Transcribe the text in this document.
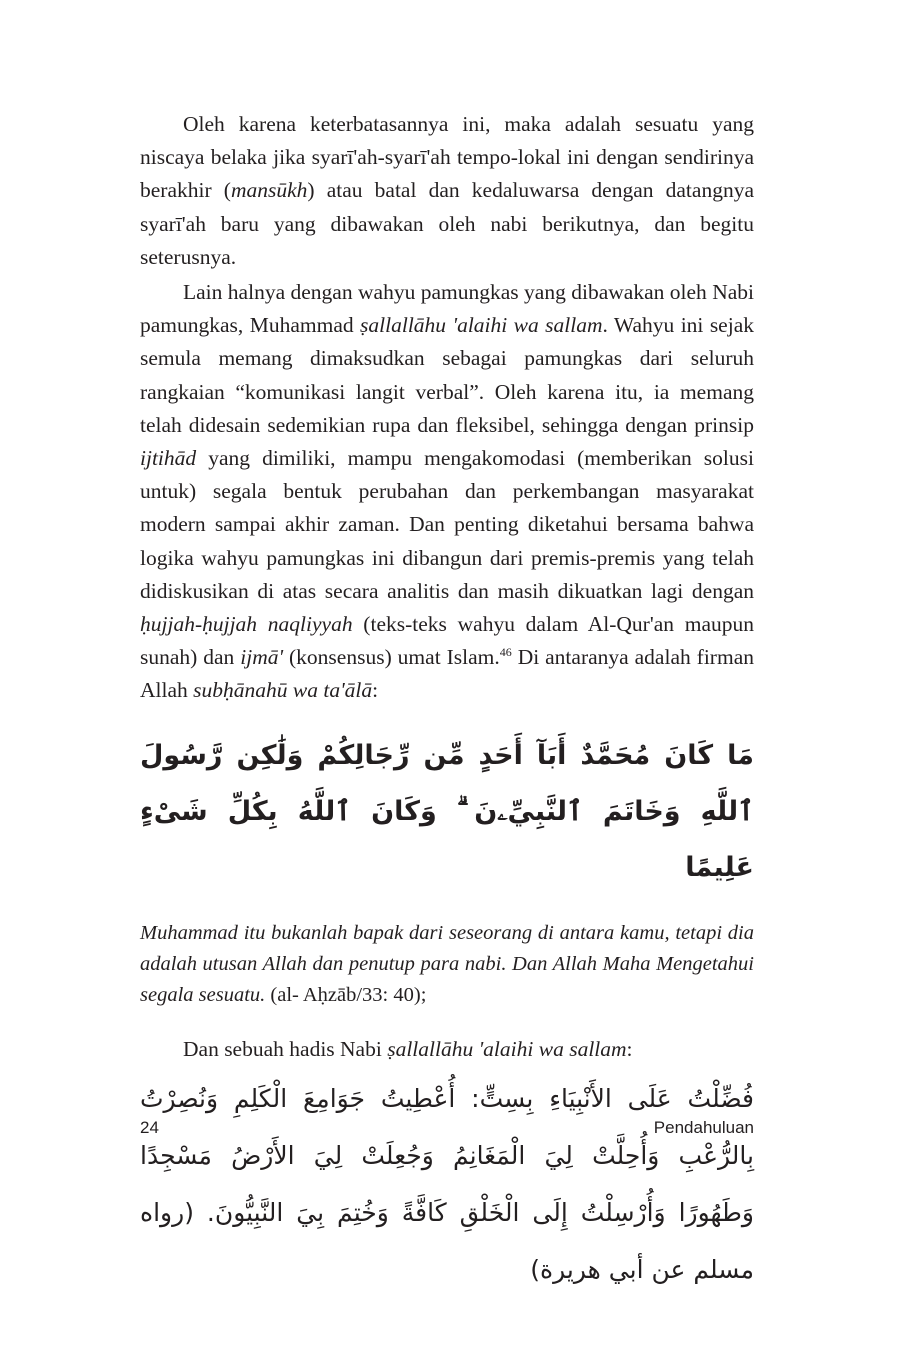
Oleh karena keterbatasannya ini, maka adalah sesuatu yang niscaya belaka jika syarī'ah-syarī'ah tempo-lokal ini dengan sendirinya berakhir (mansūkh) atau batal dan kedaluwarsa dengan datangnya syarī'ah baru yang dibawakan oleh nabi berikutnya, dan begitu seterusnya.

Lain halnya dengan wahyu pamungkas yang dibawakan oleh Nabi pamungkas, Muhammad ṣallallāhu 'alaihi wa sallam. Wahyu ini sejak semula memang dimaksudkan sebagai pamungkas dari seluruh rangkaian “komunikasi langit verbal”. Oleh karena itu, ia memang telah didesain sedemikian rupa dan fleksibel, sehingga dengan prinsip ijtihād yang dimiliki, mampu mengakomodasi (memberikan solusi untuk) segala bentuk perubahan dan perkembangan masyarakat modern sampai akhir zaman. Dan penting diketahui bersama bahwa logika wahyu pamungkas ini dibangun dari premis-premis yang telah didiskusikan di atas secara analitis dan masih dikuatkan lagi dengan ḥujjah-ḥujjah naqliyyah (teks-teks wahyu dalam Al-Qur'an maupun sunah) dan ijmā' (konsensus) umat Islam.$^{46}$ Di antaranya adalah firman Allah subḥānahū wa ta'ālā:

مَا كَانَ مُحَمَّدٌ أَبَآ أَحَدٍ مِّن رِّجَالِكُمْ وَلَٰكِن رَّسُولَ ٱللَّهِ وَخَاتَمَ ٱلنَّبِيِّۦنَ ۗ وَكَانَ ٱللَّهُ بِكُلِّ شَىْءٍ عَلِيمًا
Muhammad itu bukanlah bapak dari seseorang di antara kamu, tetapi dia adalah utusan Allah dan penutup para nabi. Dan Allah Maha Mengetahui segala sesuatu. (al- Aḥzāb/33: 40);
Dan sebuah hadis Nabi ṣallallāhu 'alaihi wa sallam:
فُضِّلْتُ عَلَى الأَنْبِيَاءِ بِسِتٍّ: أُعْطِيتُ جَوَامِعَ الْكَلِمِ وَنُصِرْتُ بِالرُّعْبِ وَأُحِلَّتْ لِيَ الْمَغَانِمُ وَجُعِلَتْ لِيَ الأَرْضُ مَسْجِدًا وَطَهُورًا وَأُرْسِلْتُ إِلَى الْخَلْقِ كَافَّةً وَخُتِمَ بِيَ النَّبِيُّونَ. (رواه مسلم عن أبي هريرة)
24	Pendahuluan
